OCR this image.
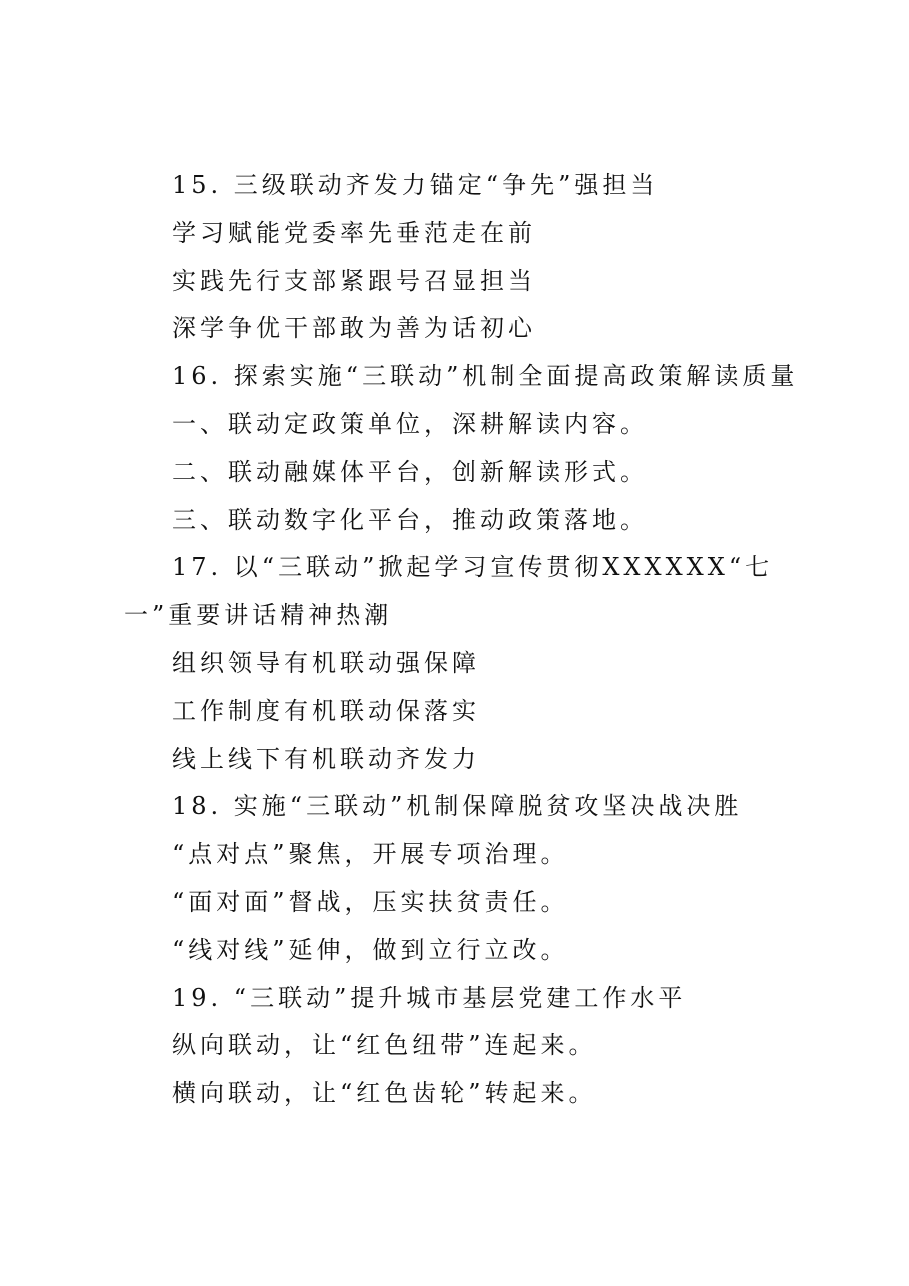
15. 三级联动齐发力锚定“争先”强担当

学习赋能党委率先垂范走在前

实践先行支部紧跟号召显担当

深学争优干部敢为善为话初心

16. 探索实施“三联动”机制全面提高政策解读质量

一、联动定政策单位，深耕解读内容。

二、联动融媒体平台，创新解读形式。

三、联动数字化平台，推动政策落地。

17. 以“三联动”掀起学习宣传贯彻XXXXXX“七一”重要讲话精神热潮

组织领导有机联动强保障

工作制度有机联动保落实

线上线下有机联动齐发力

18. 实施“三联动”机制保障脱贫攻坚决战决胜

“点对点”聚焦，开展专项治理。

“面对面”督战，压实扶贫责任。

“线对线”延伸，做到立行立改。

19. “三联动”提升城市基层党建工作水平

纵向联动，让“红色纽带”连起来。

横向联动，让“红色齿轮”转起来。
